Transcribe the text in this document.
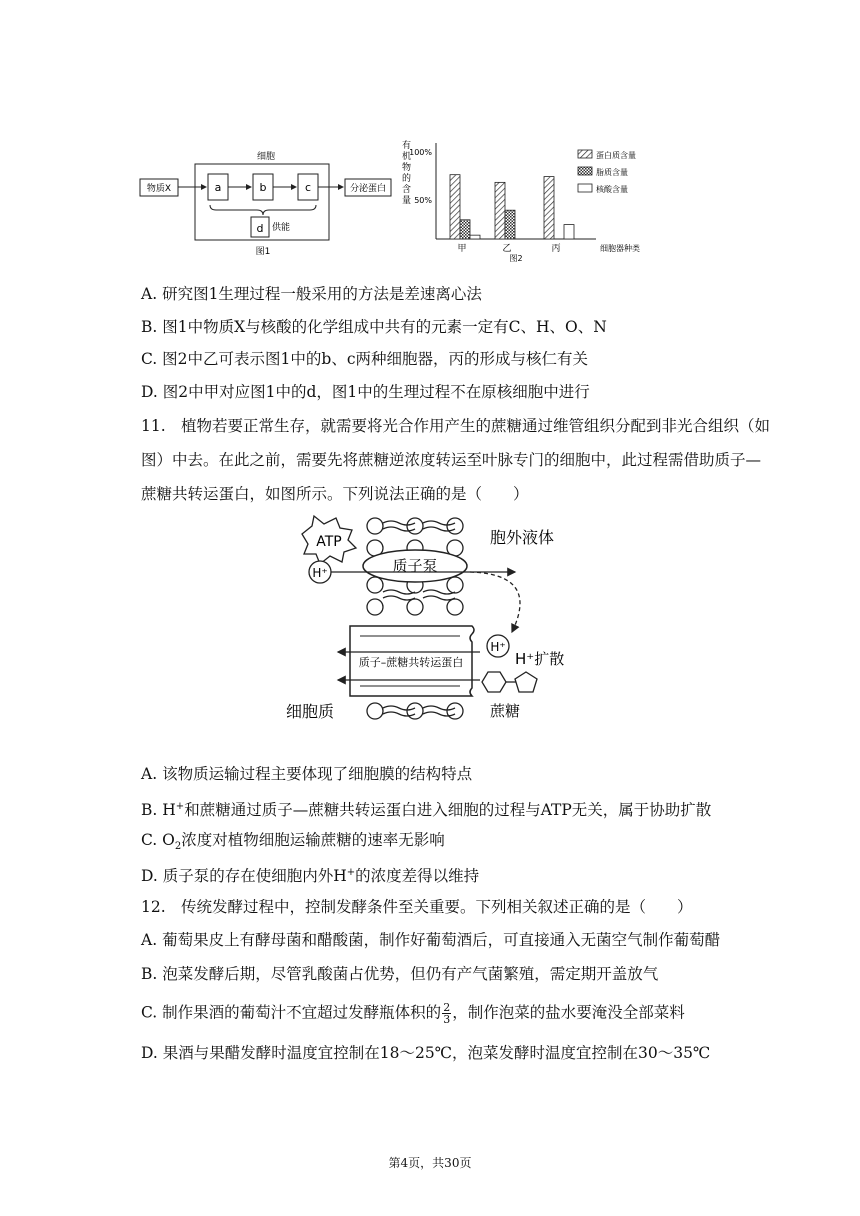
细胞
物质X	a	b	c	分泌蛋白
d 供能
图1
有
机
物
的
含
量
100%
50%
甲	乙	丙	细胞器种类
图2
蛋白质含量
脂质含量
核酸含量
A. 研究图1生理过程一般采用的方法是差速离心法
B. 图1中物质X与核酸的化学组成中共有的元素一定有C、H、O、N
C. 图2中乙可表示图1中的b、c两种细胞器，丙的形成与核仁有关
D. 图2中甲对应图1中的d，图1中的生理过程不在原核细胞中进行
11. 植物若要正常生存，就需要将光合作用产生的蔗糖通过维管组织分配到非光合组织（如
图）中去。在此之前，需要先将蔗糖逆浓度转运至叶脉专门的细胞中，此过程需借助质子—
蔗糖共转运蛋白，如图所示。下列说法正确的是（　　）
质子泵
ATP
H⁺
胞外液体
质子–蔗糖共转运蛋白
H⁺
H⁺扩散
蔗糖
细胞质
A. 该物质运输过程主要体现了细胞膜的结构特点
B. H+和蔗糖通过质子—蔗糖共转运蛋白进入细胞的过程与ATP无关，属于协助扩散
C. $O_2$浓度对植物细胞运输蔗糖的速率无影响
D. 质子泵的存在使细胞内外H+的浓度差得以维持
12. 传统发酵过程中，控制发酵条件至关重要。下列相关叙述正确的是（　　）
A. 葡萄果皮上有酵母菌和醋酸菌，制作好葡萄酒后，可直接通入无菌空气制作葡萄醋
B. 泡菜发酵后期，尽管乳酸菌占优势，但仍有产气菌繁殖，需定期开盖放气
C. 制作果酒的葡萄汁不宜超过发酵瓶体积的 $\frac{2}{3}$ ，制作泡菜的盐水要淹没全部菜料
D. 果酒与果醋发酵时温度宜控制在18～25℃，泡菜发酵时温度宜控制在30～35℃
第4页，共30页
